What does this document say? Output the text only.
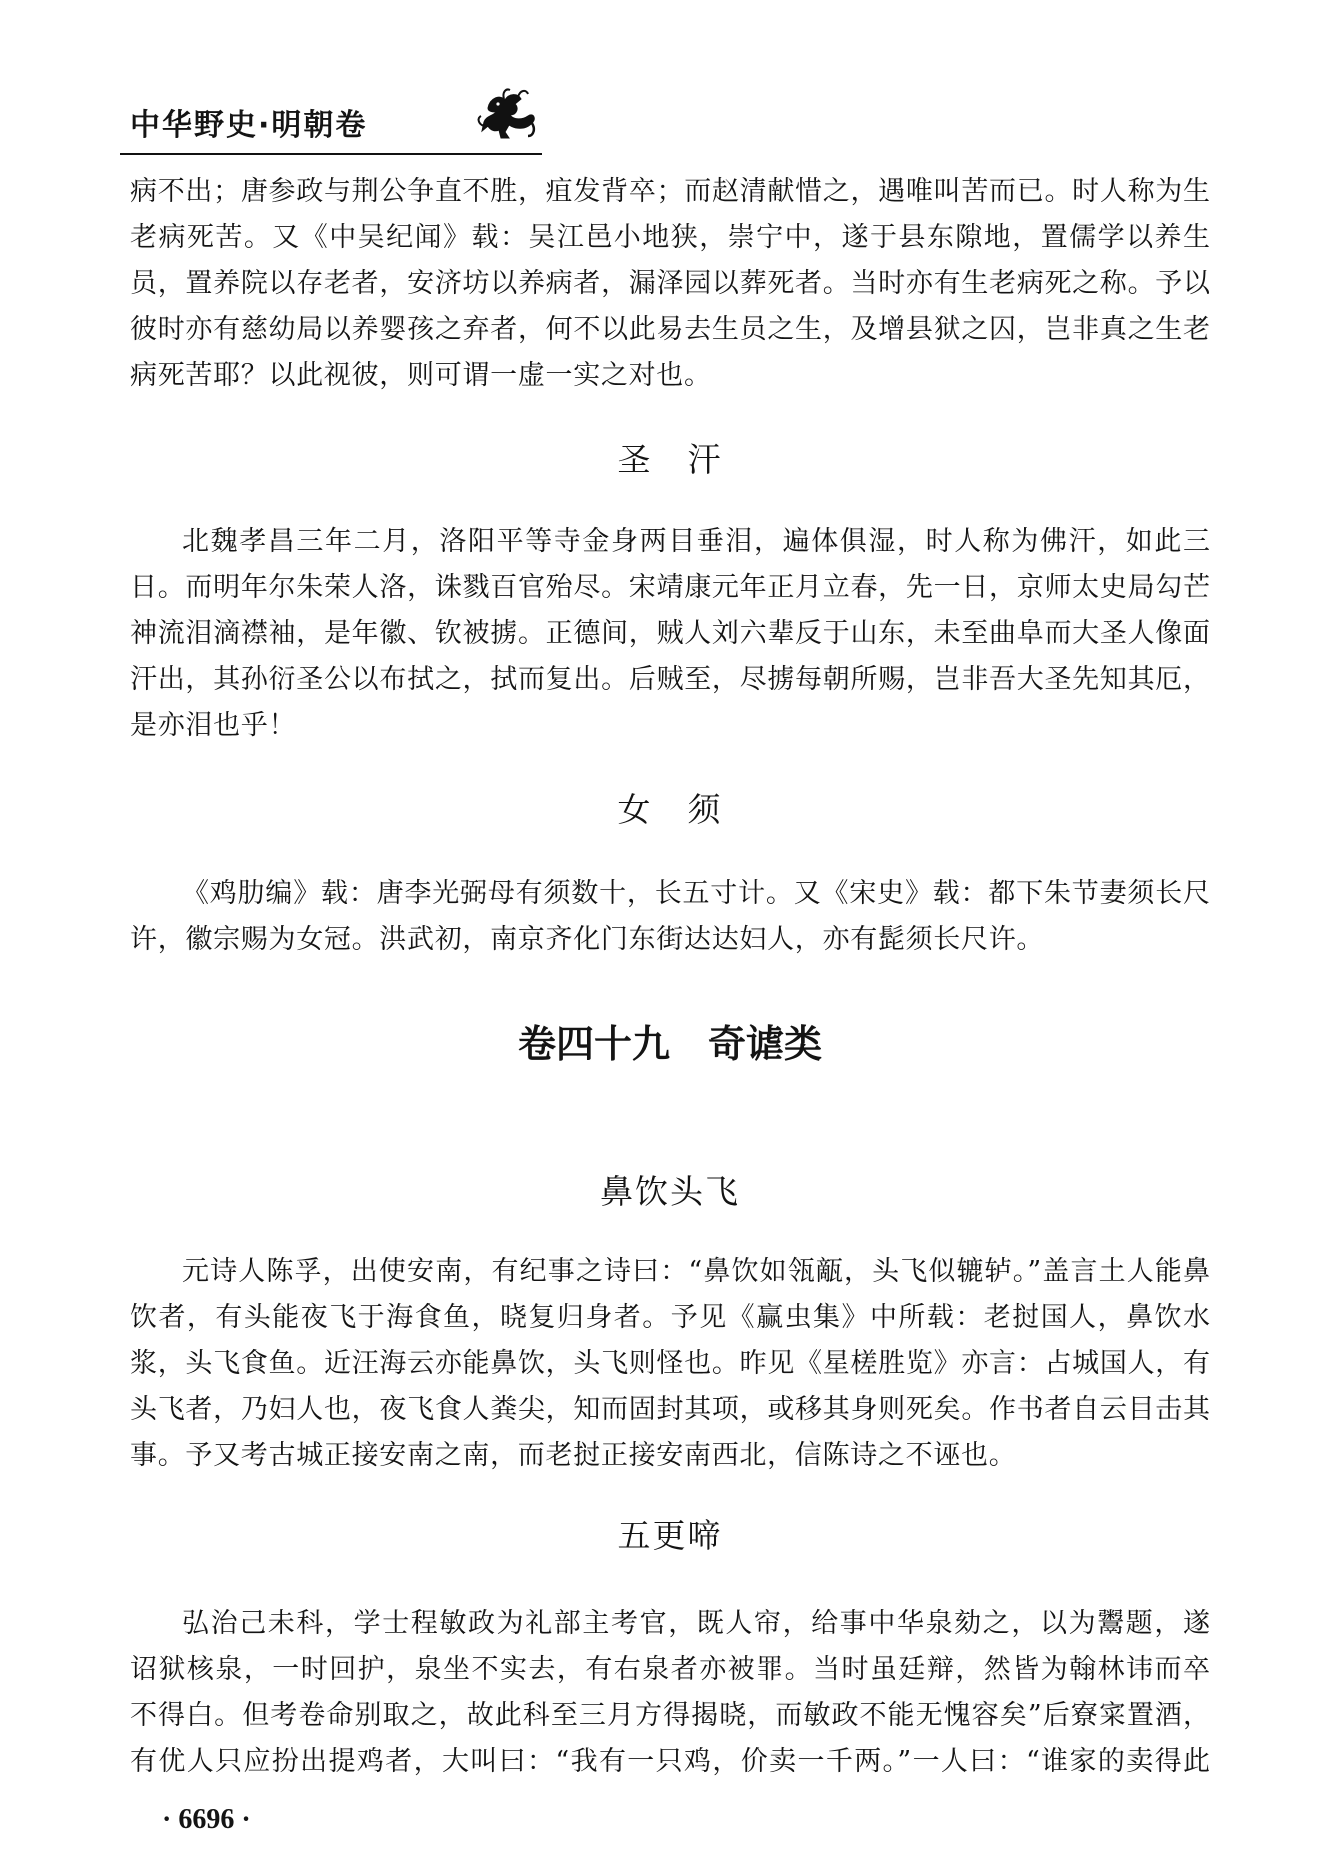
中华野史·明朝卷
病不出；唐参政与荆公争直不胜，疽发背卒；而赵清献惜之，遇唯叫苦而已。时人称为生
老病死苦。又《中吴纪闻》载：吴江邑小地狭，崇宁中，遂于县东隙地，置儒学以养生
员，置养院以存老者，安济坊以养病者，漏泽园以葬死者。当时亦有生老病死之称。予以
彼时亦有慈幼局以养婴孩之弃者，何不以此易去生员之生，及增县狱之囚，岂非真之生老
病死苦耶？以此视彼，则可谓一虚一实之对也。
圣　汗
北魏孝昌三年二月，洛阳平等寺金身两目垂泪，遍体俱湿，时人称为佛汗，如此三
日。而明年尔朱荣人洛，诛戮百官殆尽。宋靖康元年正月立春，先一日，京师太史局勾芒
神流泪滴襟袖，是年徽、钦被掳。正德间，贼人刘六辈反于山东，未至曲阜而大圣人像面
汗出，其孙衍圣公以布拭之，拭而复出。后贼至，尽掳每朝所赐，岂非吾大圣先知其厄，
是亦泪也乎！
女　须
《鸡肋编》载：唐李光弼母有须数十，长五寸计。又《宋史》载：都下朱节妻须长尺
许，徽宗赐为女冠。洪武初，南京齐化门东街达达妇人，亦有髭须长尺许。
卷四十九　奇谑类
鼻饮头飞
元诗人陈孚，出使安南，有纪事之诗曰：“鼻饮如瓴甋，头飞似辘轳。”盖言土人能鼻
饮者，有头能夜飞于海食鱼，晓复归身者。予见《赢虫集》中所载：老挝国人，鼻饮水
浆，头飞食鱼。近汪海云亦能鼻饮，头飞则怪也。昨见《星槎胜览》亦言：占城国人，有
头飞者，乃妇人也，夜飞食人粪尖，知而固封其项，或移其身则死矣。作书者自云目击其
事。予又考古城正接安南之南，而老挝正接安南西北，信陈诗之不诬也。
五更啼
弘治己未科，学士程敏政为礼部主考官，既人帘，给事中华泉劾之，以为鬻题，遂
诏狱核泉，一时回护，泉坐不实去，有右泉者亦被罪。当时虽廷辩，然皆为翰林讳而卒
不得白。但考卷命别取之，故此科至三月方得揭晓，而敏政不能无愧容矣”后寮寀置酒，
有优人只应扮出提鸡者，大叫曰：“我有一只鸡，价卖一千两。”一人曰：“谁家的卖得此
· 6696 ·
